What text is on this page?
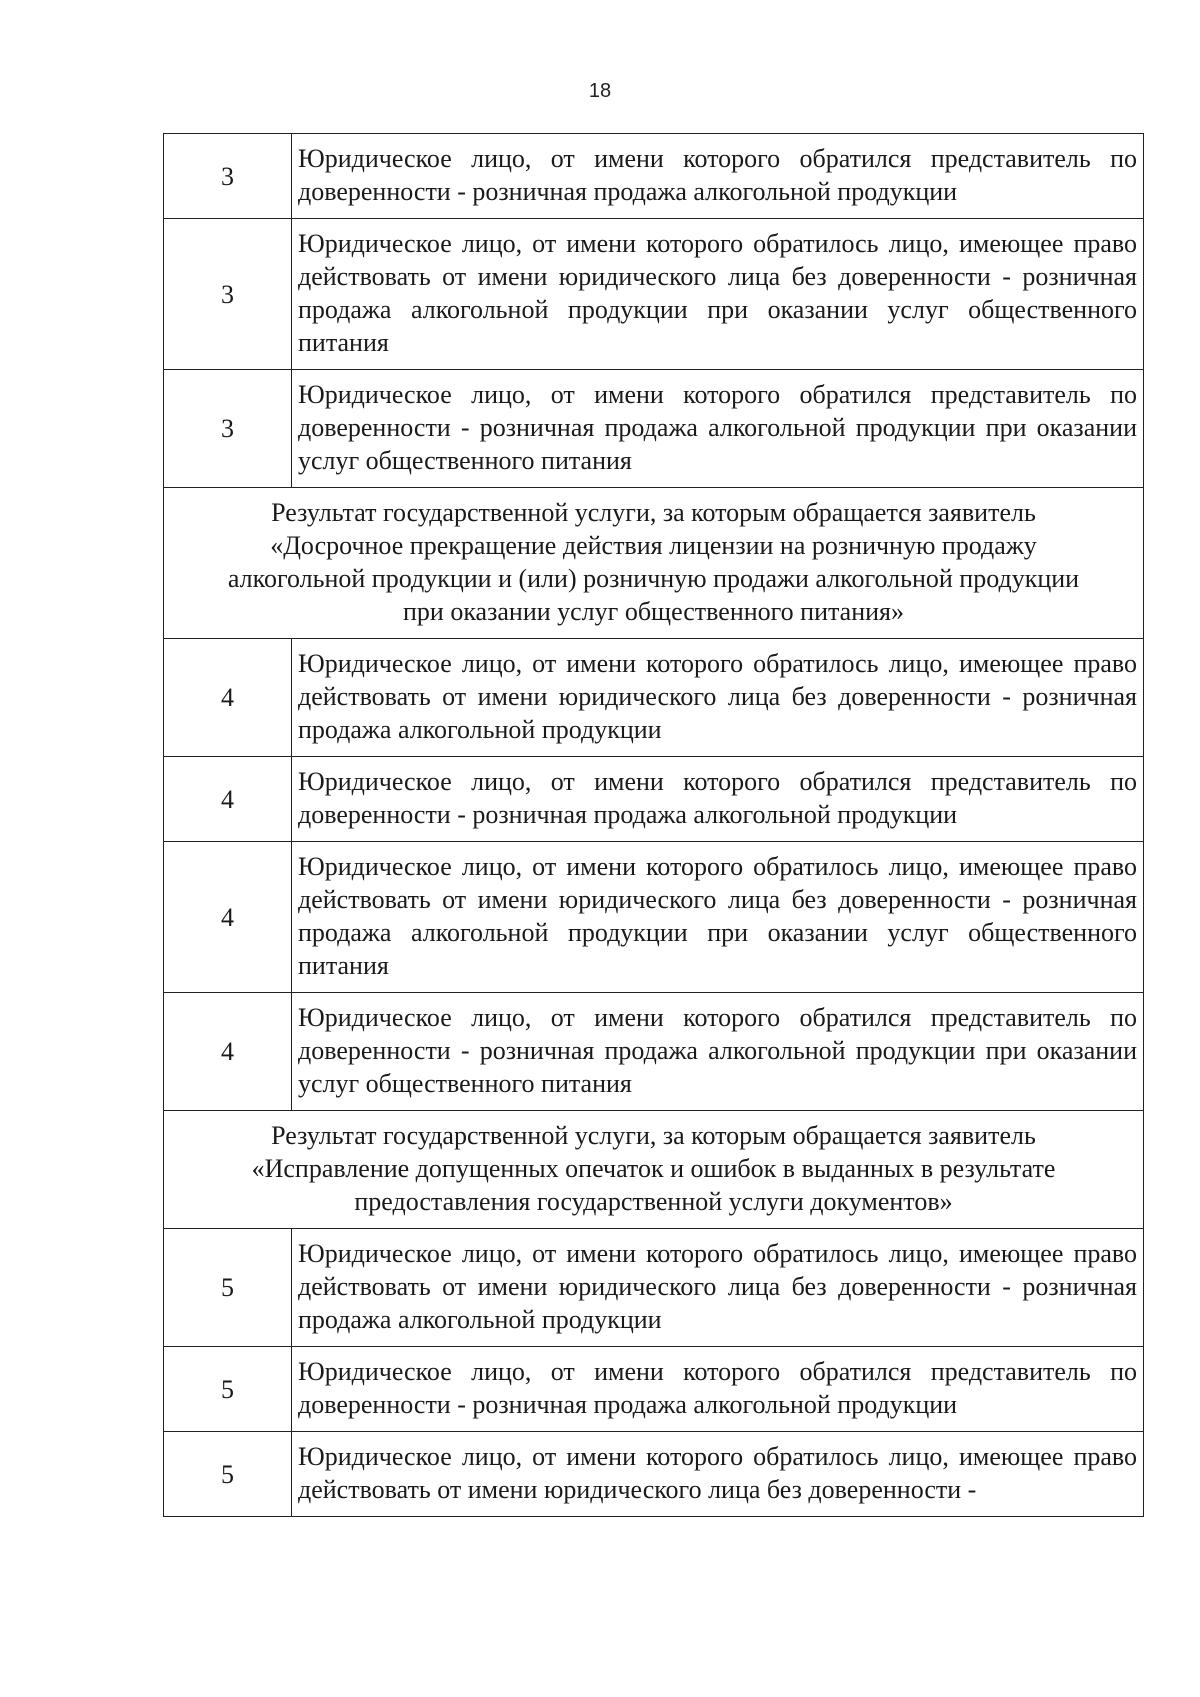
18
3	Юридическое лицо, от имени которого обратился представитель по доверенности - розничная продажа алкогольной продукции
3	Юридическое лицо, от имени которого обратилось лицо, имеющее право действовать от имени юридического лица без доверенности - розничная продажа алкогольной продукции при оказании услуг общественного питания
3	Юридическое лицо, от имени которого обратился представитель по доверенности - розничная продажа алкогольной продукции при оказании услуг общественного питания

Результат государственной услуги, за которым обращается заявитель
«Досрочное прекращение действия лицензии на розничную продажу
алкогольной продукции и (или) розничную продажи алкогольной продукции
при оказании услуг общественного питания»	

4	Юридическое лицо, от имени которого обратилось лицо, имеющее право действовать от имени юридического лица без доверенности - розничная продажа алкогольной продукции
4	Юридическое лицо, от имени которого обратился представитель по доверенности - розничная продажа алкогольной продукции
4	Юридическое лицо, от имени которого обратилось лицо, имеющее право действовать от имени юридического лица без доверенности - розничная продажа алкогольной продукции при оказании услуг общественного питания
4	Юридическое лицо, от имени которого обратился представитель по доверенности - розничная продажа алкогольной продукции при оказании услуг общественного питания

Результат государственной услуги, за которым обращается заявитель
«Исправление допущенных опечаток и ошибок в выданных в результате
предоставления государственной услуги документов»	

5	Юридическое лицо, от имени которого обратилось лицо, имеющее право действовать от имени юридического лица без доверенности - розничная продажа алкогольной продукции
5	Юридическое лицо, от имени которого обратился представитель по доверенности - розничная продажа алкогольной продукции
5	Юридическое лицо, от имени которого обратилось лицо, имеющее право действовать от имени юридического лица без доверенности -
